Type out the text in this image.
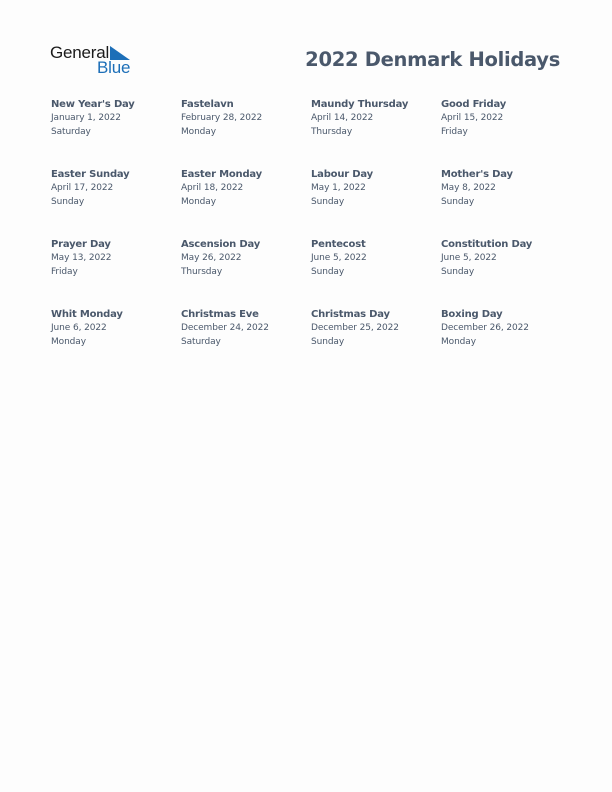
General
Blue	2022 Denmark Holidays
New Year's Day
January 1, 2022
Saturday
Fastelavn
February 28, 2022
Monday
Maundy Thursday
April 14, 2022
Thursday
Good Friday
April 15, 2022
Friday
Easter Sunday
April 17, 2022
Sunday
Easter Monday
April 18, 2022
Monday
Labour Day
May 1, 2022
Sunday
Mother's Day
May 8, 2022
Sunday
Prayer Day
May 13, 2022
Friday
Ascension Day
May 26, 2022
Thursday
Pentecost
June 5, 2022
Sunday
Constitution Day
June 5, 2022
Sunday
Whit Monday
June 6, 2022
Monday
Christmas Eve
December 24, 2022
Saturday
Christmas Day
December 25, 2022
Sunday
Boxing Day
December 26, 2022
Monday
